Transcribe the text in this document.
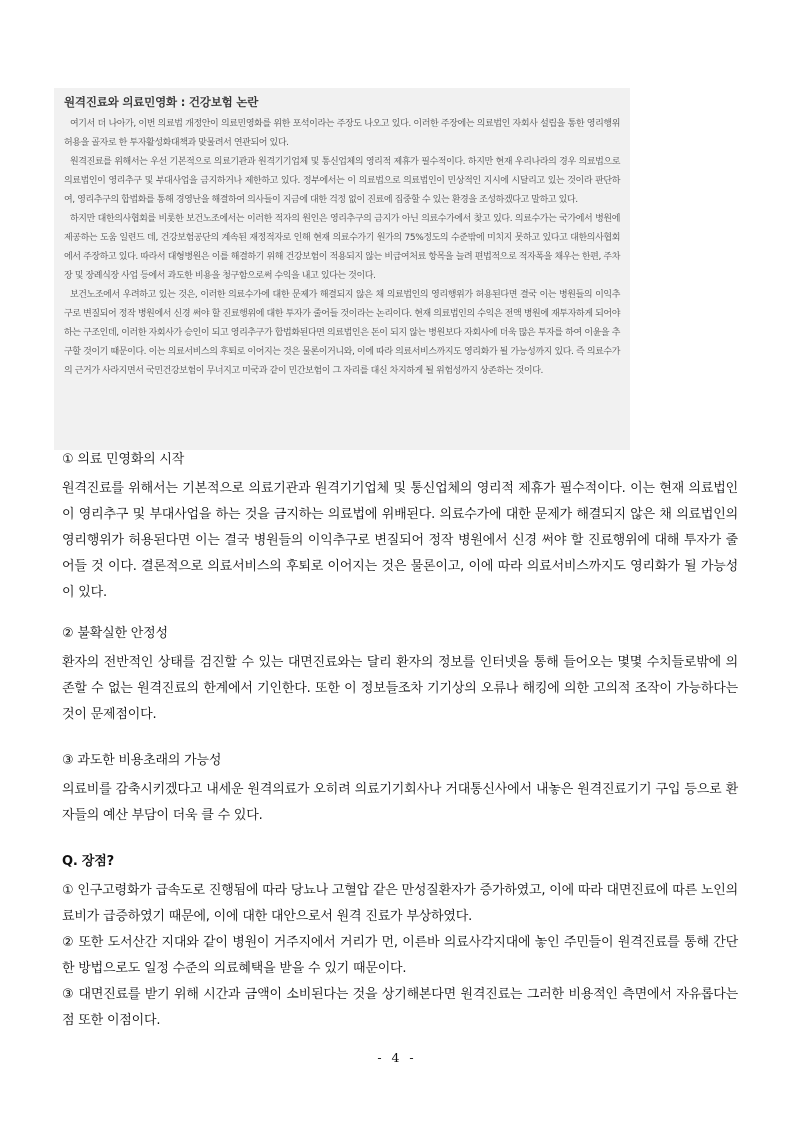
원격진료와 의료민영화 : 건강보험 논란

여기서 더 나아가, 이번 의료법 개정안이 의료민영화를 위한 포석이라는 주장도 나오고 있다. 이러한 주장에는 의료법인 자회사 설립을 통한 영리행위 허용을 골자로 한 투자활성화대책과 맞물려서 연관되어 있다.

원격진료를 위해서는 우선 기본적으로 의료기관과 원격기기업체 및 통신업체의 영리적 제휴가 필수적이다. 하지만 현재 우리나라의 경우 의료법으로 의료법인이 영리추구 및 부대사업을 금지하거나 제한하고 있다. 정부에서는 이 의료법으로 의료법인이 민상적인 지시에 시달리고 있는 것이라 판단하여, 영리추구의 합법화를 통해 경영난을 해결하여 의사들이 지금에 대한 걱정 없이 진료에 집중할 수 있는 환경을 조성하겠다고 말하고 있다.

하지만 대한의사협회를 비롯한 보건노조에서는 이러한 적자의 원인은 영리추구의 금지가 아닌 의료수가에서 찾고 있다. 의료수가는 국가에서 병원에 제공하는 도움 일련드 데, 건강보험공단의 계속된 재정적자로 인해 현재 의료수가기 원가의 75%정도의 수준밖에 미치지 못하고 있다고 대한의사협회에서 주장하고 있다. 따라서 대형병원은 이를 해결하기 위해 건강보험이 적용되지 않는 비급여처료 항목을 늘려 편법적으로 적자폭을 채우는 한편, 주차장 및 장례식장 사업 등에서 과도한 비용을 청구함으로써 수익을 내고 있다는 것이다.

보건노조에서 우려하고 있는 것은, 이러한 의료수가에 대한 문제가 해결되지 않은 채 의료법인의 영리행위가 허용된다면 결국 이는 병원들의 이익추구로 변질되어 정작 병원에서 신경 써야 할 진료행위에 대한 투자가 줄어들 것이라는 논리이다. 현재 의료법인의 수익은 전액 병원에 재투자하게 되어야 하는 구조인데, 이러한 자회사가 승인이 되고 영리추구가 합법화된다면 의료법인은 돈이 되지 않는 병원보다 자회사에 더욱 많은 투자를 하여 이윤을 추구할 것이기 때문이다. 이는 의료서비스의 후퇴로 이어지는 것은 물론이거니와, 이에 따라 의료서비스까지도 영리화가 될 가능성까지 있다. 즉 의료수가의 근거가 사라지면서 국민건강보험이 무너지고 미국과 같이 민간보험이 그 자리를 대신 차지하게 될 위험성까지 상존하는 것이다.

① 의료 민영화의 시작

원격진료를 위해서는 기본적으로 의료기관과 원격기기업체 및 통신업체의 영리적 제휴가 필수적이다. 이는 현재 의료법인이 영리추구 및 부대사업을 하는 것을 금지하는 의료법에 위배된다. 의료수가에 대한 문제가 해결되지 않은 채 의료법인의 영리행위가 허용된다면 이는 결국 병원들의 이익추구로 변질되어 정작 병원에서 신경 써야 할 진료행위에 대해 투자가 줄어들 것 이다. 결론적으로 의료서비스의 후퇴로 이어지는 것은 물론이고, 이에 따라 의료서비스까지도 영리화가 될 가능성이 있다.

② 불확실한 안정성

환자의 전반적인 상태를 검진할 수 있는 대면진료와는 달리 환자의 정보를 인터넷을 통해 들어오는 몇몇 수치들로밖에 의존할 수 없는 원격진료의 한계에서 기인한다. 또한 이 정보들조차 기기상의 오류나 해킹에 의한 고의적 조작이 가능하다는 것이 문제점이다.

③ 과도한 비용초래의 가능성

의료비를 감축시키겠다고 내세운 원격의료가 오히려 의료기기회사나 거대통신사에서 내놓은 원격진료기기 구입 등으로 환자들의 예산 부담이 더욱 클 수 있다.

Q. 장점?

① 인구고령화가 급속도로 진행됨에 따라 당뇨나 고혈압 같은 만성질환자가 증가하였고, 이에 따라 대면진료에 따른 노인의료비가 급증하였기 때문에, 이에 대한 대안으로서 원격 진료가 부상하였다.

② 또한 도서산간 지대와 같이 병원이 거주지에서 거리가 먼, 이른바 의료사각지대에 놓인 주민들이 원격진료를 통해 간단한 방법으로도 일정 수준의 의료혜택을 받을 수 있기 때문이다.

③ 대면진료를 받기 위해 시간과 금액이 소비된다는 것을 상기해본다면 원격진료는 그러한 비용적인 측면에서 자유롭다는 점 또한 이점이다.

- 4 -
